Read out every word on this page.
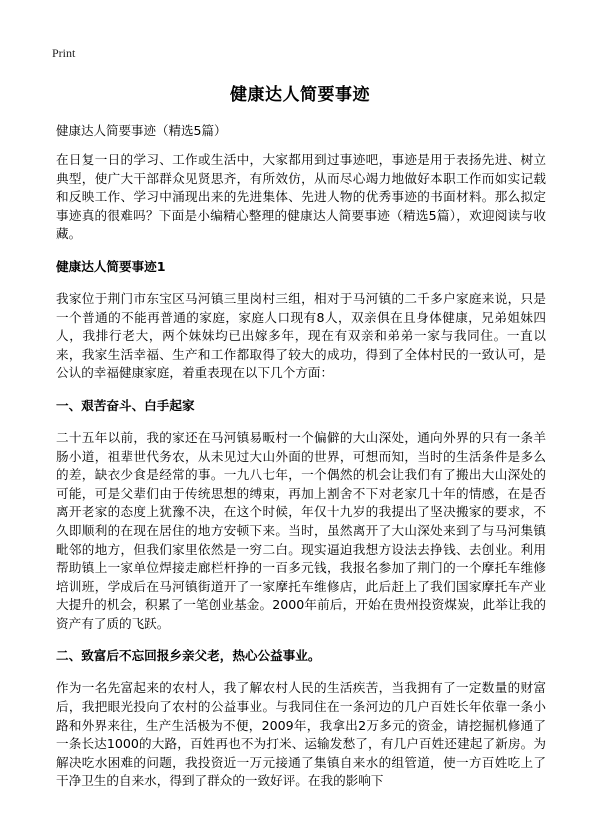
Print
健康达人简要事迹
健康达人简要事迹（精选5篇）

在日复一日的学习、工作或生活中，大家都用到过事迹吧，事迹是用于表扬先进、树立典型，使广大干部群众见贤思齐，有所效仿，从而尽心竭力地做好本职工作而如实记载和反映工作、学习中涌现出来的先进集体、先进人物的优秀事迹的书面材料。那么拟定事迹真的很难吗？下面是小编精心整理的健康达人简要事迹（精选5篇），欢迎阅读与收藏。

健康达人简要事迹1

我家位于荆门市东宝区马河镇三里岗村三组，相对于马河镇的二千多户家庭来说，只是一个普通的不能再普通的家庭，家庭人口现有8人，双亲俱在且身体健康，兄弟姐妹四人，我排行老大，两个妹妹均已出嫁多年，现在有双亲和弟弟一家与我同住。一直以来，我家生活幸福、生产和工作都取得了较大的成功，得到了全体村民的一致认可，是公认的幸福健康家庭，着重表现在以下几个方面：

一、艰苦奋斗、白手起家

二十五年以前，我的家还在马河镇易畈村一个偏僻的大山深处，通向外界的只有一条羊肠小道，祖辈世代务农，从未见过大山外面的世界，可想而知，当时的生活条件是多么的差，缺衣少食是经常的事。一九八七年，一个偶然的机会让我们有了搬出大山深处的可能，可是父辈们由于传统思想的缚束，再加上割舍不下对老家几十年的情感，在是否离开老家的态度上犹豫不决，在这个时候，年仅十九岁的我提出了坚决搬家的要求，不久即顺利的在现在居住的地方安顿下来。当时，虽然离开了大山深处来到了与马河集镇毗邻的地方，但我们家里依然是一穷二白。现实逼迫我想方设法去挣钱、去创业。利用帮助镇上一家单位焊接走廊栏杆挣的一百多元钱，我报名参加了荆门的一个摩托车维修培训班，学成后在马河镇街道开了一家摩托车维修店，此后赶上了我们国家摩托车产业大提升的机会，积累了一笔创业基金。2000年前后，开始在贵州投资煤炭，此举让我的资产有了质的飞跃。

二、致富后不忘回报乡亲父老，热心公益事业。

作为一名先富起来的农村人，我了解农村人民的生活疾苦，当我拥有了一定数量的财富后，我把眼光投向了农村的公益事业。与我同住在一条河边的几户百姓长年依靠一条小路和外界来往，生产生活极为不便，2009年，我拿出2万多元的资金，请挖掘机修通了一条长达1000的大路，百姓再也不为打米、运输发愁了，有几户百姓还建起了新房。为解决吃水困难的问题，我投资近一万元接通了集镇自来水的组管道，使一方百姓吃上了干净卫生的自来水，得到了群众的一致好评。在我的影响下
